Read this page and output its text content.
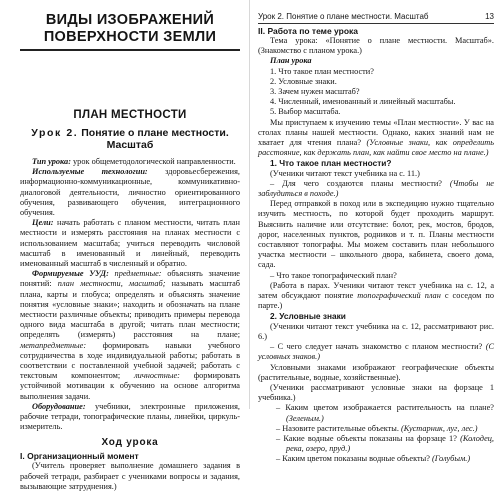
ВИДЫ ИЗОБРАЖЕНИЙ
ПОВЕРХНОСТИ ЗЕМЛИ
ПЛАН МЕСТНОСТИ
Урок 2. Понятие о плане местности. Масштаб
Тип урока: урок общеметодологической направленности.
Используемые технологии: здоровьесбережения, информационно-коммуникационные, коммуникативно-диалоговой деятельности, личностно ориентированного обучения, развивающего обучения, интеграционного обучения.
Цели: начать работать с планом местности, читать план местности и измерять расстояния на планах местности с использованием масштаба; учиться переводить числовой масштаб в именованный и линейный, переводить именованный масштаб в численный и обратно.
Формируемые УУД: предметные: объяснять значение понятий: план местности, масштаб; называть масштаб плана, карты и глобуса; определять и объяснять значение понятия «условные знаки»; находить и обозначать на плане местности различные объекты; приводить примеры перевода одного вида масштаба в другой; читать план местности; определять (измерять) расстояния на плане; метапредметные: формировать навыки учебного сотрудничества в ходе индивидуальной работы; работать в соответствии с поставленной учебной задачей; работать с текстовым компонентом; личностные: формировать устойчивой мотивации к обучению на основе алгоритма выполнения задачи.
Оборудование: учебники, электронные приложения, рабочие тетради, топографические планы, линейки, циркуль-измеритель.
Ход урока
I. Организационный момент
(Учитель проверяет выполнение домашнего задания в рабочей тетради, разбирает с учениками вопросы и задания, вызывающие затруднения.)
Урок 2. Понятие о плане местности. Масштаб	13
II. Работа по теме урока
Тема урока: «Понятие о плане местности. Масштаб». (Знакомство с планом урока.)
План урока
1. Что такое план местности?
2. Условные знаки.
3. Зачем нужен масштаб?
4. Численный, именованный и линейный масштабы.
5. Выбор масштаба.
Мы приступаем к изучению темы «План местности». У вас на столах планы нашей местности. Однако, каких знаний нам не хватает для чтения плана? (Условные знаки, как определить расстояние, как держать план, как найти свое место на плане.)
1. Что такое план местности?
(Ученики читают текст учебника на с. 11.)
– Для чего создаются планы местности? (Чтобы не заблудиться в походе.)
Перед отправкой в поход или в экспедицию нужно тщательно изучить местность, по которой будет проходить маршрут. Выяснить наличие или отсутствие: болот, рек, мостов, бродов, дорог, населенных пунктов, родников и т. п. Планы местности составляют топографы. Мы можем составить план небольшого участка местности – школьного двора, кабинета, своего дома, сада.
– Что такое топографический план?
(Работа в парах. Ученики читают текст учебника на с. 12, а затем обсуждают понятие топографический план с соседом по парте.)
2. Условные знаки
(Ученики читают текст учебника на с. 12, рассматривают рис. 6.)
– С чего следует начать знакомство с планом местности? (С условных знаков.)
Условными знаками изображают географические объекты (растительные, водные, хозяйственные).
(Ученики рассматривают условные знаки на форзаце 1 учебника.)
– Каким цветом изображается растительность на плане? (Зеленым.)
– Назовите растительные объекты. (Кустарник, луг, лес.)
– Какие водные объекты показаны на форзаце 1? (Колодец, река, озеро, пруд.)
– Каким цветом показаны водные объекты? (Голубым.)
